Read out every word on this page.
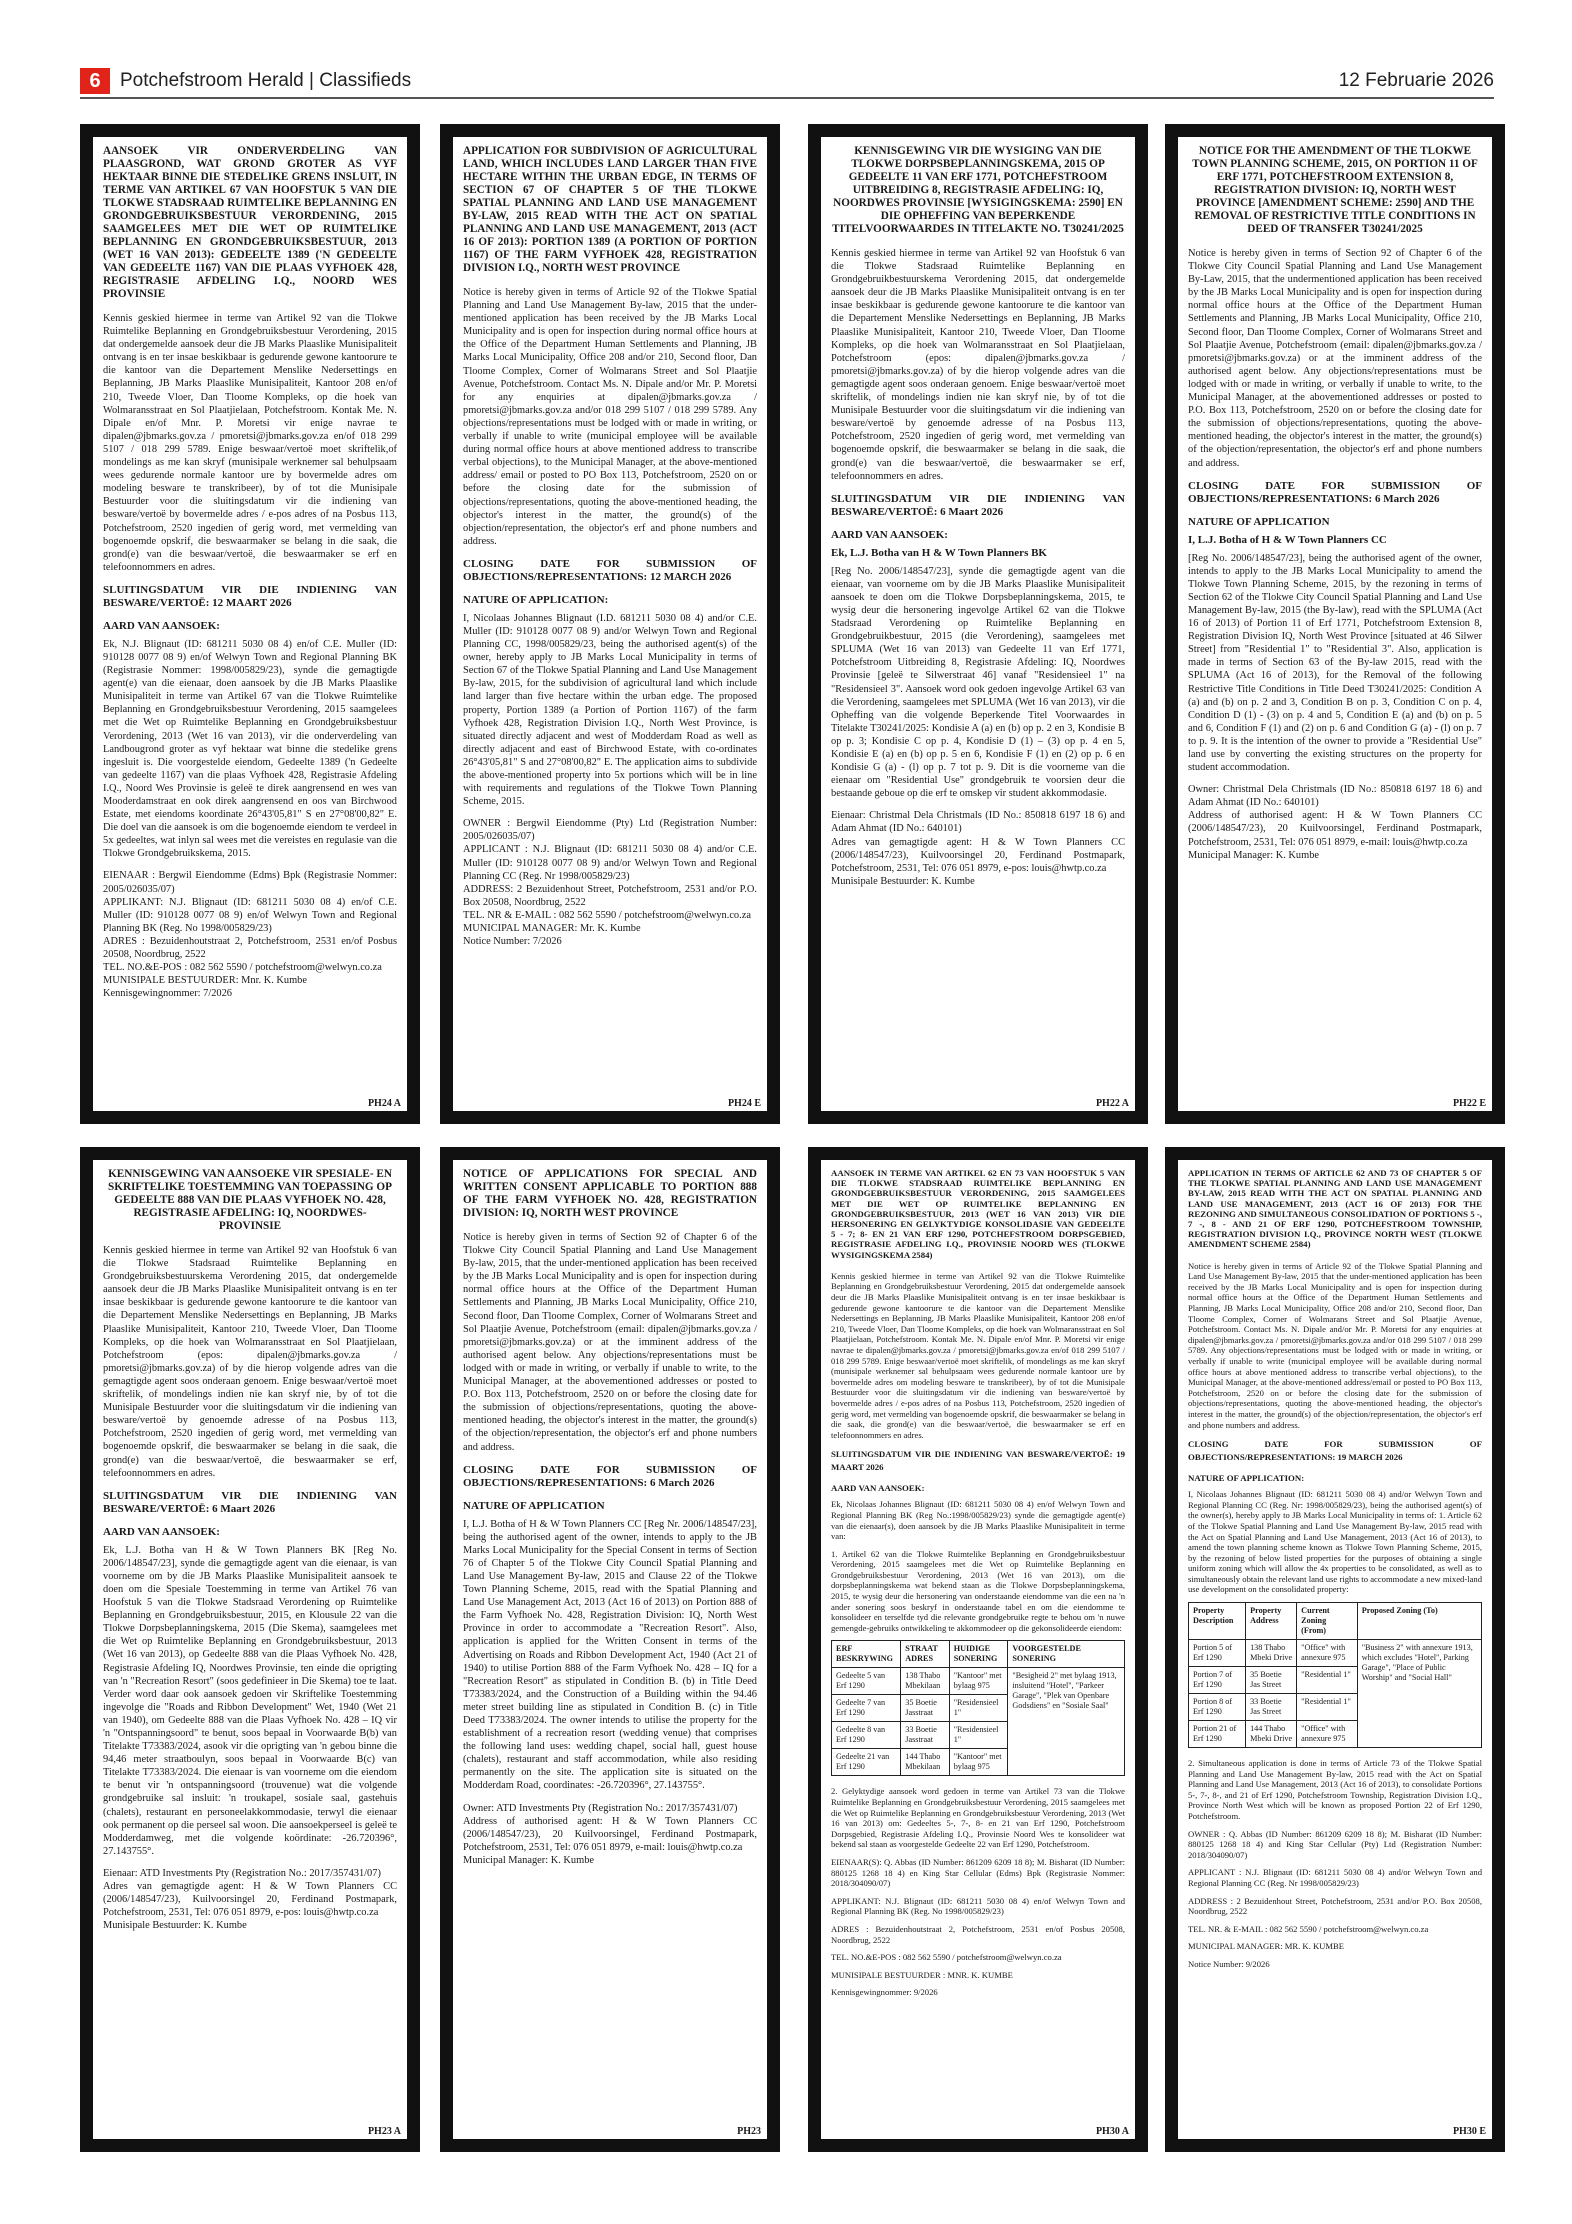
6	Potchefstroom Herald | Classifieds	12 Februarie 2026
KENNISGEWINGS • NOTICES
AANSOEK VIR ONDERVERDELING VAN PLAASGROND, WAT GROND GROTER AS VYF HEKTAAR BINNE DIE STEDELIKE GRENS INSLUIT, IN TERME VAN ARTIKEL 67 VAN HOOFSTUK 5 VAN DIE TLOKWE STADSRAAD RUIMTELIKE BEPLANNING EN GRONDGEBRUIKSBESTUUR VERORDENING, 2015 SAAMGELEES MET DIE WET OP RUIMTELIKE BEPLANNING EN GRONDGEBRUIKSBESTUUR, 2013 (WET 16 VAN 2013): GEDEELTE 1389 ('N GEDEELTE VAN GEDEELTE 1167) VAN DIE PLAAS VYFHOEK 428, REGISTRASIE AFDELING I.Q., NOORD WES PROVINSIE

Kennis geskied hiermee in terme van Artikel 92 van die Tlokwe Ruimtelike Beplanning en Grondgebruiksbestuur Verordening, 2015 dat ondergemelde aansoek deur die JB Marks Plaaslike Munisipaliteit ontvang is en ter insae beskikbaar is gedurende gewone kantoorure te die kantoor van die Departement Menslike Nedersettings en Beplanning, JB Marks Plaaslike Munisipaliteit, Kantoor 208 en/of 210, Tweede Vloer, Dan Tloome Kompleks, op die hoek van Wolmaransstraat en Sol Plaatjielaan, Potchefstroom. Kontak Me. N. Dipale en/of Mnr. P. Moretsi vir enige navrae te dipalen@jbmarks.gov.za / pmoretsi@jbmarks.gov.za en/of 018 299 5107 / 018 299 5789. Enige beswaar/vertoë moet skriftelik,of mondelings as me kan skryf (munisipale werknemer sal behulpsaam wees gedurende normale kantoor ure by bovermelde adres om modeling besware te transkribeer), by of tot die Munisipale Bestuurder voor die sluitingsdatum vir die indiening van besware/vertoë by bovermelde adres / e-pos adres of na Posbus 113, Potchefstroom, 2520 ingedien of gerig word, met vermelding van bogenoemde opskrif, die beswaarmaker se belang in die saak, die grond(e) van die beswaar/vertoë, die beswaarmaker se erf en telefoonnommers en adres.

SLUITINGSDATUM VIR DIE INDIENING VAN BESWARE/VERTOË: 12 MAART 2026
AARD VAN AANSOEK:

Ek, N.J. Blignaut (ID: 681211 5030 08 4) en/of C.E. Muller (ID: 910128 0077 08 9) en/of Welwyn Town and Regional Planning BK (Registrasie Nommer: 1998/005829/23), synde die gemagtigde agent(e) van die eienaar, doen aansoek by die JB Marks Plaaslike Munisipaliteit in terme van Artikel 67 van die Tlokwe Ruimtelike Beplanning en Grondgebruiksbestuur Verordening, 2015 saamgelees met die Wet op Ruimtelike Beplanning en Grondgebruiksbestuur Verordening, 2013 (Wet 16 van 2013), vir die onderverdeling van Landbougrond groter as vyf hektaar wat binne die stedelike grens ingesluit is. Die voorgestelde eiendom, Gedeelte 1389 ('n Gedeelte van gedeelte 1167) van die plaas Vyfhoek 428, Registrasie Afdeling I.Q., Noord Wes Provinsie is geleë te direk aangrensend en wes van Mooderdamstraat en ook direk aangrensend en oos van Birchwood Estate, met eiendoms koordinate 26°43'05,81" S en 27°08'00,82" E. Die doel van die aansoek is om die bogenoemde eiendom te verdeel in 5x gedeeltes, wat inlyn sal wees met die vereistes en regulasie van die Tlokwe Grondgebruikskema, 2015.

EIENAAR : Bergwil Eiendomme (Edms) Bpk (Registrasie Nommer: 2005/026035/07)

APPLIKANT: N.J. Blignaut (ID: 681211 5030 08 4) en/of C.E. Muller (ID: 910128 0077 08 9) en/of Welwyn Town and Regional Planning BK (Reg. No 1998/005829/23)

ADRES : Bezuidenhoutstraat 2, Potchefstroom, 2531 en/of Posbus 20508, Noordbrug, 2522

TEL. NO.&E-POS : 082 562 5590 / potchefstroom@welwyn.co.za

MUNISIPALE BESTUURDER: Mnr. K. Kumbe

Kennisgewingnommer: 7/2026

PH24 A
KENNISGEWINGS • NOTICES
APPLICATION FOR SUBDIVISION OF AGRICULTURAL LAND, WHICH INCLUDES LAND LARGER THAN FIVE HECTARE WITHIN THE URBAN EDGE, IN TERMS OF SECTION 67 OF CHAPTER 5 OF THE TLOKWE SPATIAL PLANNING AND LAND USE MANAGEMENT BY-LAW, 2015 READ WITH THE ACT ON SPATIAL PLANNING AND LAND USE MANAGEMENT, 2013 (ACT 16 OF 2013): PORTION 1389 (A PORTION OF PORTION 1167) OF THE FARM VYFHOEK 428, REGISTRATION DIVISION I.Q., NORTH WEST PROVINCE

Notice is hereby given in terms of Article 92 of the Tlokwe Spatial Planning and Land Use Management By-law, 2015 that the under-mentioned application has been received by the JB Marks Local Municipality and is open for inspection during normal office hours at the Office of the Department Human Settlements and Planning, JB Marks Local Municipality, Office 208 and/or 210, Second floor, Dan Tloome Complex, Corner of Wolmarans Street and Sol Plaatjie Avenue, Potchefstroom. Contact Ms. N. Dipale and/or Mr. P. Moretsi for any enquiries at dipalen@jbmarks.gov.za / pmoretsi@jbmarks.gov.za and/or 018 299 5107 / 018 299 5789. Any objections/representations must be lodged with or made in writing, or verbally if unable to write (municipal employee will be available during normal office hours at above mentioned address to transcribe verbal objections), to the Municipal Manager, at the above-mentioned address/ email or posted to PO Box 113, Potchefstroom, 2520 on or before the closing date for the submission of objections/representations, quoting the above-mentioned heading, the objector's interest in the matter, the ground(s) of the objection/representation, the objector's erf and phone numbers and address.

CLOSING DATE FOR SUBMISSION OF OBJECTIONS/REPRESENTATIONS: 12 MARCH 2026
NATURE OF APPLICATION:

I, Nicolaas Johannes Blignaut (I.D. 681211 5030 08 4) and/or C.E. Muller (ID: 910128 0077 08 9) and/or Welwyn Town and Regional Planning CC, 1998/005829/23, being the authorised agent(s) of the owner, hereby apply to JB Marks Local Municipality in terms of Section 67 of the Tlokwe Spatial Planning and Land Use Management By-law, 2015, for the subdivision of agricultural land which include land larger than five hectare within the urban edge. The proposed property, Portion 1389 (a Portion of Portion 1167) of the farm Vyfhoek 428, Registration Division I.Q., North West Province, is situated directly adjacent and west of Modderdam Road as well as directly adjacent and east of Birchwood Estate, with co-ordinates 26°43'05,81" S and 27°08'00,82" E. The application aims to subdivide the above-mentioned property into 5x portions which will be in line with requirements and regulations of the Tlokwe Town Planning Scheme, 2015.

OWNER : Bergwil Eiendomme (Pty) Ltd (Registration Number: 2005/026035/07)

APPLICANT : N.J. Blignaut (ID: 681211 5030 08 4) and/or C.E. Muller (ID: 910128 0077 08 9) and/or Welwyn Town and Regional Planning CC (Reg. Nr 1998/005829/23)

ADDRESS: 2 Bezuidenhout Street, Potchefstroom, 2531 and/or P.O. Box 20508, Noordbrug, 2522

TEL. NR & E-MAIL : 082 562 5590 / potchefstroom@welwyn.co.za

MUNICIPAL MANAGER: Mr. K. Kumbe

Notice Number: 7/2026

PH24 E
KENNISGEWINGS • NOTICES
KENNISGEWING VIR DIE WYSIGING VAN DIE TLOKWE DORPSBEPLANNINGSKEMA, 2015 OP GEDEELTE 11 VAN ERF 1771, POTCHEFSTROOM UITBREIDING 8, REGISTRASIE AFDELING: IQ, NOORDWES PROVINSIE [WYSIGINGSKEMA: 2590] EN DIE OPHEFFING VAN BEPERKENDE TITELVOORWAARDES IN TITELAKTE NO. T30241/2025

Kennis geskied hiermee in terme van Artikel 92 van Hoofstuk 6 van die Tlokwe Stadsraad Ruimtelike Beplanning en Grondgebruikbestuurskema Verordening 2015, dat ondergemelde aansoek deur die JB Marks Plaaslike Munisipaliteit ontvang is en ter insae beskikbaar is gedurende gewone kantoorure te die kantoor van die Departement Menslike Nedersettings en Beplanning, JB Marks Plaaslike Munisipaliteit, Kantoor 210, Tweede Vloer, Dan Tloome Kompleks, op die hoek van Wolmaransstraat en Sol Plaatjielaan, Potchefstroom (epos: dipalen@jbmarks.gov.za / pmoretsi@jbmarks.gov.za) of by die hierop volgende adres van die gemagtigde agent soos onderaan genoem. Enige beswaar/vertoë moet skriftelik, of mondelings indien nie kan skryf nie, by of tot die Munisipale Bestuurder voor die sluitingsdatum vir die indiening van besware/vertoë by genoemde adresse of na Posbus 113, Potchefstroom, 2520 ingedien of gerig word, met vermelding van bogenoemde opskrif, die beswaarmaker se belang in die saak, die grond(e) van die beswaar/vertoë, die beswaarmaker se erf, telefoonnommers en adres.

SLUITINGSDATUM VIR DIE INDIENING VAN BESWARE/VERTOË: 6 Maart 2026
AARD VAN AANSOEK:
Ek, L.J. Botha van H & W Town Planners BK

[Reg No. 2006/148547/23], synde die gemagtigde agent van die eienaar, van voorneme om by die JB Marks Plaaslike Munisipaliteit aansoek te doen om die Tlokwe Dorpsbeplanningskema, 2015, te wysig deur die hersonering ingevolge Artikel 62 van die Tlokwe Stadsraad Verordening op Ruimtelike Beplanning en Grondgebruikbestuur, 2015 (die Verordening), saamgelees met SPLUMA (Wet 16 van 2013) van Gedeelte 11 van Erf 1771, Potchefstroom Uitbreiding 8, Registrasie Afdeling: IQ, Noordwes Provinsie [geleë te Silwerstraat 46] vanaf "Residensieel 1" na "Residensieel 3". Aansoek word ook gedoen ingevolge Artikel 63 van die Verordening, saamgelees met SPLUMA (Wet 16 van 2013), vir die Opheffing van die volgende Beperkende Titel Voorwaardes in Titelakte T30241/2025: Kondisie A (a) en (b) op p. 2 en 3, Kondisie B op p. 3; Kondisie C op p. 4, Kondisie D (1) – (3) op p. 4 en 5, Kondisie E (a) en (b) op p. 5 en 6, Kondisie F (1) en (2) op p. 6 en Kondisie G (a) - (l) op p. 7 tot p. 9. Dit is die voorneme van die eienaar om "Residential Use" grondgebruik te voorsien deur die bestaande geboue op die erf te omskep vir student akkommodasie.

Eienaar: Christmal Dela Christmals (ID No.: 850818 6197 18 6) and Adam Ahmat (ID No.: 640101)

Adres van gemagtigde agent: H & W Town Planners CC (2006/148547/23), Kuilvoorsingel 20, Ferdinand Postmapark, Potchefstroom, 2531, Tel: 076 051 8979, e-pos: louis@hwtp.co.za

Munisipale Bestuurder: K. Kumbe

PH22 A
KENNISGEWINGS • NOTICES
NOTICE FOR THE AMENDMENT OF THE TLOKWE TOWN PLANNING SCHEME, 2015, ON PORTION 11 OF ERF 1771, POTCHEFSTROOM EXTENSION 8, REGISTRATION DIVISION: IQ, NORTH WEST PROVINCE [AMENDMENT SCHEME: 2590] AND THE REMOVAL OF RESTRICTIVE TITLE CONDITIONS IN DEED OF TRANSFER T30241/2025

Notice is hereby given in terms of Section 92 of Chapter 6 of the Tlokwe City Council Spatial Planning and Land Use Management By-Law, 2015, that the undermentioned application has been received by the JB Marks Local Municipality and is open for inspection during normal office hours at the Office of the Department Human Settlements and Planning, JB Marks Local Municipality, Office 210, Second floor, Dan Tloome Complex, Corner of Wolmarans Street and Sol Plaatjie Avenue, Potchefstroom (email: dipalen@jbmarks.gov.za / pmoretsi@jbmarks.gov.za) or at the imminent address of the authorised agent below. Any objections/representations must be lodged with or made in writing, or verbally if unable to write, to the Municipal Manager, at the abovementioned addresses or posted to P.O. Box 113, Potchefstroom, 2520 on or before the closing date for the submission of objections/representations, quoting the above-mentioned heading, the objector's interest in the matter, the ground(s) of the objection/representation, the objector's erf and phone numbers and address.

CLOSING DATE FOR SUBMISSION OF OBJECTIONS/REPRESENTATIONS: 6 March 2026
NATURE OF APPLICATION
I, L.J. Botha of H & W Town Planners CC

[Reg No. 2006/148547/23], being the authorised agent of the owner, intends to apply to the JB Marks Local Municipality to amend the Tlokwe Town Planning Scheme, 2015, by the rezoning in terms of Section 62 of the Tlokwe City Council Spatial Planning and Land Use Management By-law, 2015 (the By-law), read with the SPLUMA (Act 16 of 2013) of Portion 11 of Erf 1771, Potchefstroom Extension 8, Registration Division IQ, North West Province [situated at 46 Silwer Street] from "Residential 1" to "Residential 3". Also, application is made in terms of Section 63 of the By-law 2015, read with the SPLUMA (Act 16 of 2013), for the Removal of the following Restrictive Title Conditions in Title Deed T30241/2025: Condition A (a) and (b) on p. 2 and 3, Condition B on p. 3, Condition C on p. 4, Condition D (1) - (3) on p. 4 and 5, Condition E (a) and (b) on p. 5 and 6, Condition F (1) and (2) on p. 6 and Condition G (a) - (l) on p. 7 to p. 9. It is the intention of the owner to provide a "Residential Use" land use by converting the existing structures on the property for student accommodation.

Owner: Christmal Dela Christmals (ID No.: 850818 6197 18 6) and Adam Ahmat (ID No.: 640101)

Address of authorised agent: H & W Town Planners CC (2006/148547/23), 20 Kuilvoorsingel, Ferdinand Postmapark, Potchefstroom, 2531, Tel: 076 051 8979, e-mail: louis@hwtp.co.za

Municipal Manager: K. Kumbe

PH22 E
KENNISGEWINGS • NOTICES
KENNISGEWING VAN AANSOEKE VIR SPESIALE- EN SKRIFTELIKE TOESTEMMING VAN TOEPASSING OP GEDEELTE 888 VAN DIE PLAAS VYFHOEK NO. 428, REGISTRASIE AFDELING: IQ, NOORDWES-PROVINSIE

Kennis geskied hiermee in terme van Artikel 92 van Hoofstuk 6 van die Tlokwe Stadsraad Ruimtelike Beplanning en Grondgebruiksbestuurskema Verordening 2015, dat ondergemelde aansoek deur die JB Marks Plaaslike Munisipaliteit ontvang is en ter insae beskikbaar is gedurende gewone kantoorure te die kantoor van die Departement Menslike Nedersettings en Beplanning, JB Marks Plaaslike Munisipaliteit, Kantoor 210, Tweede Vloer, Dan Tloome Kompleks, op die hoek van Wolmaransstraat en Sol Plaatjielaan, Potchefstroom (epos: dipalen@jbmarks.gov.za / pmoretsi@jbmarks.gov.za) of by die hierop volgende adres van die gemagtigde agent soos onderaan genoem. Enige beswaar/vertoë moet skriftelik, of mondelings indien nie kan skryf nie, by of tot die Munisipale Bestuurder voor die sluitingsdatum vir die indiening van besware/vertoë by genoemde adresse of na Posbus 113, Potchefstroom, 2520 ingedien of gerig word, met vermelding van bogenoemde opskrif, die beswaarmaker se belang in die saak, die grond(e) van die beswaar/vertoë, die beswaarmaker se erf, telefoonnommers en adres.

SLUITINGSDATUM VIR DIE INDIENING VAN BESWARE/VERTOË: 6 Maart 2026
AARD VAN AANSOEK:

Ek, L.J. Botha van H & W Town Planners BK [Reg No. 2006/148547/23], synde die gemagtigde agent van die eienaar, is van voorneme om by die JB Marks Plaaslike Munisipaliteit aansoek te doen om die Spesiale Toestemming in terme van Artikel 76 van Hoofstuk 5 van die Tlokwe Stadsraad Verordening op Ruimtelike Beplanning en Grondgebruiksbestuur, 2015, en Klousule 22 van die Tlokwe Dorpsbeplanningskema, 2015 (Die Skema), saamgelees met die Wet op Ruimtelike Beplanning en Grondgebruiksbestuur, 2013 (Wet 16 van 2013), op Gedeelte 888 van die Plaas Vyfhoek No. 428, Registrasie Afdeling IQ, Noordwes Provinsie, ten einde die oprigting van 'n "Recreation Resort" (soos gedefinieer in Die Skema) toe te laat. Verder word daar ook aansoek gedoen vir Skriftelike Toestemming ingevolge die "Roads and Ribbon Development" Wet, 1940 (Wet 21 van 1940), om Gedeelte 888 van die Plaas Vyfhoek No. 428 – IQ vir 'n "Ontspanningsoord" te benut, soos bepaal in Voorwaarde B(b) van Titelakte T73383/2024, asook vir die oprigting van 'n gebou binne die 94,46 meter straatboulyn, soos bepaal in Voorwaarde B(c) van Titelakte T73383/2024. Die eienaar is van voorneme om die eiendom te benut vir 'n ontspanningsoord (trouvenue) wat die volgende grondgebruike sal insluit: 'n troukapel, sosiale saal, gastehuis (chalets), restaurant en personeelakkommodasie, terwyl die eienaar ook permanent op die perseel sal woon. Die aansoekperseel is geleë te Modderdamweg, met die volgende koördinate: -26.720396°, 27.143755°.

Eienaar: ATD Investments Pty (Registration No.: 2017/357431/07)

Adres van gemagtigde agent: H & W Town Planners CC (2006/148547/23), Kuilvoorsingel 20, Ferdinand Postmapark, Potchefstroom, 2531, Tel: 076 051 8979, e-pos: louis@hwtp.co.za

Munisipale Bestuurder: K. Kumbe

PH23 A
KENNISGEWINGS • NOTICES
KENNISGEWINGS • NOTICES
NOTICE OF APPLICATIONS FOR SPECIAL AND WRITTEN CONSENT APPLICABLE TO PORTION 888 OF THE FARM VYFHOEK NO. 428, REGISTRATION DIVISION: IQ, NORTH WEST PROVINCE

Notice is hereby given in terms of Section 92 of Chapter 6 of the Tlokwe City Council Spatial Planning and Land Use Management By-law, 2015, that the under-mentioned application has been received by the JB Marks Local Municipality and is open for inspection during normal office hours at the Office of the Department Human Settlements and Planning, JB Marks Local Municipality, Office 210, Second floor, Dan Tloome Complex, Corner of Wolmarans Street and Sol Plaatjie Avenue, Potchefstroom (email: dipalen@jbmarks.gov.za / pmoretsi@jbmarks.gov.za) or at the imminent address of the authorised agent below. Any objections/representations must be lodged with or made in writing, or verbally if unable to write, to the Municipal Manager, at the abovementioned addresses or posted to P.O. Box 113, Potchefstroom, 2520 on or before the closing date for the submission of objections/representations, quoting the above-mentioned heading, the objector's interest in the matter, the ground(s) of the objection/representation, the objector's erf and phone numbers and address.

CLOSING DATE FOR SUBMISSION OF OBJECTIONS/REPRESENTATIONS: 6 March 2026
NATURE OF APPLICATION

I, L.J. Botha of H & W Town Planners CC [Reg Nr. 2006/148547/23], being the authorised agent of the owner, intends to apply to the JB Marks Local Municipality for the Special Consent in terms of Section 76 of Chapter 5 of the Tlokwe City Council Spatial Planning and Land Use Management By-law, 2015 and Clause 22 of the Tlokwe Town Planning Scheme, 2015, read with the Spatial Planning and Land Use Management Act, 2013 (Act 16 of 2013) on Portion 888 of the Farm Vyfhoek No. 428, Registration Division: IQ, North West Province in order to accommodate a "Recreation Resort". Also, application is applied for the Written Consent in terms of the Advertising on Roads and Ribbon Development Act, 1940 (Act 21 of 1940) to utilise Portion 888 of the Farm Vyfhoek No. 428 – IQ for a "Recreation Resort" as stipulated in Condition B. (b) in Title Deed T73383/2024, and the Construction of a Building within the 94.46 meter street building line as stipulated in Condition B. (c) in Title Deed T73383/2024. The owner intends to utilise the property for the establishment of a recreation resort (wedding venue) that comprises the following land uses: wedding chapel, social hall, guest house (chalets), restaurant and staff accommodation, while also residing permanently on the site. The application site is situated on the Modderdam Road, coordinates: -26.720396°, 27.143755°.

Owner: ATD Investments Pty (Registration No.: 2017/357431/07)

Address of authorised agent: H & W Town Planners CC (2006/148547/23), 20 Kuilvoorsingel, Ferdinand Postmapark, Potchefstroom, 2531, Tel: 076 051 8979, e-mail: louis@hwtp.co.za

Municipal Manager: K. Kumbe

PH23
KENNISGEWINGS • NOTICES
KENNISGEWINGS • NOTICES
AANSOEK IN TERME VAN ARTIKEL 62 EN 73 VAN HOOFSTUK 5 VAN DIE TLOKWE STADSRAAD RUIMTELIKE BEPLANNING EN GRONDGEBRUIKSBESTUUR VERORDENING, 2015 SAAMGELEES MET DIE WET OP RUIMTELIKE BEPLANNING EN GRONDGEBRUIKSBESTUUR, 2013 (WET 16 VAN 2013) VIR DIE HERSONERING EN GELYKTYDIGE KONSOLIDASIE VAN GEDEELTE 5 - 7; 8- EN 21 VAN ERF 1290, POTCHEFSTROOM DORPSGEBIED, REGISTRASIE AFDELING I.Q., PROVINSIE NOORD WES (TLOKWE WYSIGINGSKEMA 2584)

Kennis geskied hiermee in terme van Artikel 92 van die Tlokwe Ruimtelike Beplanning en Grondgebruiksbestuur Verordening, 2015 dat ondergemelde aansoek deur die JB Marks Plaaslike Munisipaliteit ontvang is en ter insae beskikbaar is gedurende gewone kantoorure te die kantoor van die Departement Menslike Nedersettings en Beplanning, JB Marks Plaaslike Munisipaliteit, Kantoor 208 en/of 210, Tweede Vloer, Dan Tloome Kompleks, op die hoek van Wolmaransstraat en Sol Plaatjielaan, Potchefstroom. Kontak Me. N. Dipale en/of Mnr. P. Moretsi vir enige navrae te dipalen@jbmarks.gov.za / pmoretsi@jbmarks.gov.za en/of 018 299 5107 / 018 299 5789. Enige beswaar/vertoë moet skriftelik, of mondelings as me kan skryf (munisipale werknemer sal behulpsaam wees gedurende normale kantoor ure by bovermelde adres om modeling besware te transkribeer), by of tot die Munisipale Bestuurder voor die sluitingsdatum vir die indiening van besware/vertoë by bovermelde adres / e-pos adres of na Posbus 113, Potchefstroom, 2520 ingedien of gerig word, met vermelding van bogenoemde opskrif, die beswaarmaker se belang in die saak, die grond(e) van die beswaar/vertoë, die beswaarmaker se erf en telefoonnommers en adres.

SLUITINGSDATUM VIR DIE INDIENING VAN BESWARE/VERTOË: 19 MAART 2026
AARD VAN AANSOEK:

Ek, Nicolaas Johannes Blignaut (ID: 681211 5030 08 4) en/of Welwyn Town and Regional Planning BK (Reg No.:1998/005829/23) synde die gemagtigde agent(e) van die eienaar(s), doen aansoek by die JB Marks Plaaslike Munisipaliteit in terme van:

1. Artikel 62 van die Tlokwe Ruimtelike Beplanning en Grondgebruiksbestuur Verordening, 2015 saamgelees met die Wet op Ruimtelike Beplanning en Grondgebruiksbestuur Verordening, 2013 (Wet 16 van 2013), om die dorpsbeplanningskema wat bekend staan as die Tlokwe Dorpsbeplanningskema, 2015, te wysig deur die hersonering van onderstaande eiendomme van die een na 'n ander sonering soos beskryf in onderstaande tabel en om die eiendomme te konsolideer en terselfde tyd die relevante grondgebruike regte te behou om 'n nuwe gemengde-gebruiks ontwikkeling te akkommodeer op die gekonsolideerde eiendom:

ERF BESKRYWING	STRAAT ADRES	HUIDIGE SONERING	VOORGESTELDE SONERING
Gedeelte 5 van Erf 1290	138 Thabo Mbekilaan	"Kantoor" met bylaag 975	"Besigheid 2" met bylaag 1913, insluitend "Hotel", "Parkeer Garage", "Plek van Openbare Godsdiens" en "Sosiale Saal"
Gedeelte 7 van Erf 1290	35 Boetie Jasstraat	"Residensieel 1"	
Gedeelte 8 van Erf 1290	33 Boetie Jasstraat	"Residensieel 1"	
Gedeelte 21 van Erf 1290	144 Thabo Mbekilaan	"Kantoor" met bylaag 975	

2. Gelyktydige aansoek word gedoen in terme van Artikel 73 van die Tlokwe Ruimtelike Beplanning en Grondgebruiksbestuur Verordening, 2015 saamgelees met die Wet op Ruimtelike Beplanning en Grondgebruiksbestuur Verordening, 2013 (Wet 16 van 2013) om: Gedeeltes 5-, 7-, 8- en 21 van Erf 1290, Potchefstroom Dorpsgebied, Registrasie Afdeling I.Q., Provinsie Noord Wes te konsolideer wat bekend sal staan as voorgestelde Gedeelte 22 van Erf 1290, Potchefstroom.

EIENAAR(S): Q. Abbas (ID Number: 861209 6209 18 8); M. Bisharat (ID Number: 880125 1268 18 4) en King Star Cellular (Edms) Bpk (Registrasie Nommer: 2018/304090/07)

APPLIKANT: N.J. Blignaut (ID: 681211 5030 08 4) en/of Welwyn Town and Regional Planning BK (Reg. No 1998/005829/23)

ADRES : Bezuidenhoutstraat 2, Potchefstroom, 2531 en/of Posbus 20508, Noordbrug, 2522

TEL. NO.&E-POS : 082 562 5590 / potchefstroom@welwyn.co.za

MUNISIPALE BESTUURDER : MNR. K. KUMBE

Kennisgewingnommer: 9/2026

PH30 A
KENNISGEWINGS • NOTICES
KENNISGEWINGS • NOTICES
APPLICATION IN TERMS OF ARTICLE 62 AND 73 OF CHAPTER 5 OF THE TLOKWE SPATIAL PLANNING AND LAND USE MANAGEMENT BY-LAW, 2015 READ WITH THE ACT ON SPATIAL PLANNING AND LAND USE MANAGEMENT, 2013 (ACT 16 OF 2013) FOR THE REZONING AND SIMULTANEOUS CONSOLIDATION OF PORTIONS 5 -, 7 -, 8 - AND 21 OF ERF 1290, POTCHEFSTROOM TOWNSHIP, REGISTRATION DIVISION I.Q., PROVINCE NORTH WEST (TLOKWE AMENDMENT SCHEME 2584)

Notice is hereby given in terms of Article 92 of the Tlokwe Spatial Planning and Land Use Management By-law, 2015 that the under-mentioned application has been received by the JB Marks Local Municipality and is open for inspection during normal office hours at the Office of the Department Human Settlements and Planning, JB Marks Local Municipality, Office 208 and/or 210, Second floor, Dan Tloome Complex, Corner of Wolmarans Street and Sol Plaatjie Avenue, Potchefstroom. Contact Ms. N. Dipale and/or Mr. P. Moretsi for any enquiries at dipalen@jbmarks.gov.za / pmoretsi@jbmarks.gov.za and/or 018 299 5107 / 018 299 5789. Any objections/representations must be lodged with or made in writing, or verbally if unable to write (municipal employee will be available during normal office hours at above mentioned address to transcribe verbal objections), to the Municipal Manager, at the above-mentioned address/email or posted to PO Box 113, Potchefstroom, 2520 on or before the closing date for the submission of objections/representations, quoting the above-mentioned heading, the objector's interest in the matter, the ground(s) of the objection/representation, the objector's erf and phone numbers and address.

CLOSING DATE FOR SUBMISSION OF OBJECTIONS/REPRESENTATIONS: 19 MARCH 2026
NATURE OF APPLICATION:

I, Nicolaas Johannes Blignaut (ID: 681211 5030 08 4) and/or Welwyn Town and Regional Planning CC (Reg. Nr: 1998/005829/23), being the authorised agent(s) of the owner(s), hereby apply to JB Marks Local Municipality in terms of: 1. Article 62 of the Tlokwe Spatial Planning and Land Use Management By-law, 2015 read with the Act on Spatial Planning and Land Use Management, 2013 (Act 16 of 2013), to amend the town planning scheme known as Tlokwe Town Planning Scheme, 2015, by the rezoning of below listed properties for the purposes of obtaining a single uniform zoning which will allow the 4x properties to be consolidated, as well as to simultaneously obtain the relevant land use rights to accommodate a new mixed-land use development on the consolidated property:

Property Description	Property Address	Current Zoning (From)	Proposed Zoning (To)
Portion 5 of Erf 1290	138 Thabo Mbeki Drive	"Office" with annexure 975	"Business 2" with annexure 1913, which excludes "Hotel", Parking Garage", "Place of Public Worship" and "Social Hall"
Portion 7 of Erf 1290	35 Boetie Jas Street	"Residential 1"	
Portion 8 of Erf 1290	33 Boetie Jas Street	"Residential 1"	
Portion 21 of Erf 1290	144 Thabo Mbeki Drive	"Office" with annexure 975	

2. Simultaneous application is done in terms of Article 73 of the Tlokwe Spatial Planning and Land Use Management By-law, 2015 read with the Act on Spatial Planning and Land Use Management, 2013 (Act 16 of 2013), to consolidate Portions 5-, 7-, 8-, and 21 of Erf 1290, Potchefstroom Township, Registration Division I.Q., Province North West which will be known as proposed Portion 22 of Erf 1290, Potchefstroom.

OWNER : Q. Abbas (ID Number: 861209 6209 18 8); M. Bisharat (ID Number: 880125 1268 18 4) and King Star Cellular (Pty) Ltd (Registration Number: 2018/304090/07)

APPLICANT : N.J. Blignaut (ID: 681211 5030 08 4) and/or Welwyn Town and Regional Planning CC (Reg. Nr 1998/005829/23)

ADDRESS : 2 Bezuidenhout Street, Potchefstroom, 2531 and/or P.O. Box 20508, Noordbrug, 2522

TEL. NR. & E-MAIL : 082 562 5590 / potchefstroom@welwyn.co.za

MUNICIPAL MANAGER: MR. K. KUMBE

Notice Number: 9/2026

PH30 E
KENNISGEWINGS • NOTICES
